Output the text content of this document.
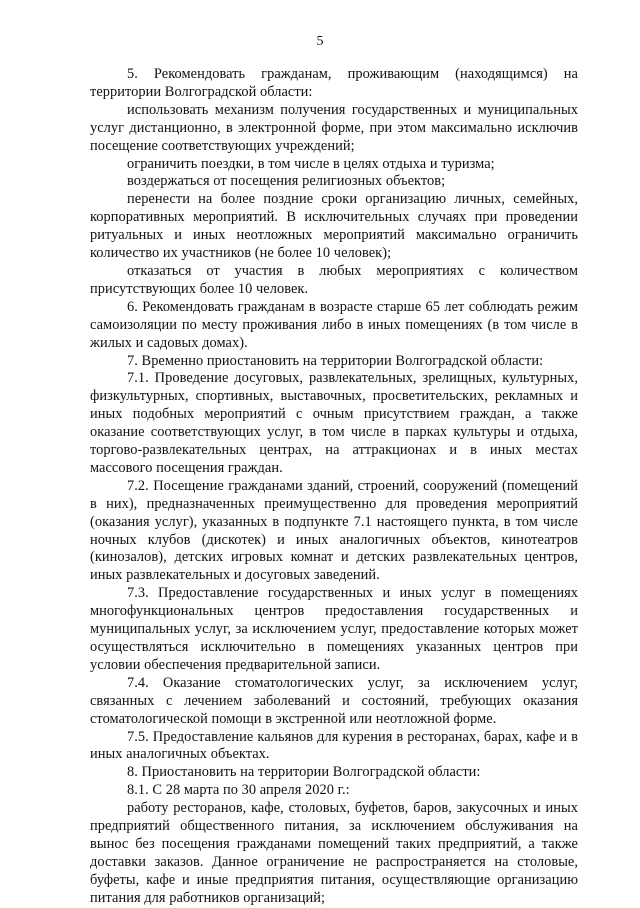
5

5. Рекомендовать гражданам, проживающим (находящимся) на территории Волгоградской области:

использовать механизм получения государственных и муниципальных услуг дистанционно, в электронной форме, при этом максимально исключив посещение соответствующих учреждений;

ограничить поездки, в том числе в целях отдыха и туризма;

воздержаться от посещения религиозных объектов;

перенести на более поздние сроки организацию личных, семейных, корпоративных мероприятий. В исключительных случаях при проведении ритуальных и иных неотложных мероприятий максимально ограничить количество их участников (не более 10 человек);

отказаться от участия в любых мероприятиях с количеством присутствующих более 10 человек.

6. Рекомендовать гражданам в возрасте старше 65 лет соблюдать режим самоизоляции по месту проживания либо в иных помещениях (в том числе в жилых и садовых домах).

7. Временно приостановить на территории Волгоградской области:

7.1. Проведение досуговых, развлекательных, зрелищных, культурных, физкультурных, спортивных, выставочных, просветительских, рекламных и иных подобных мероприятий с очным присутствием граждан, а также оказание соответствующих услуг, в том числе в парках культуры и отдыха, торгово-развлекательных центрах, на аттракционах и в иных местах массового посещения граждан.

7.2. Посещение гражданами зданий, строений, сооружений (помещений в них), предназначенных преимущественно для проведения мероприятий (оказания услуг), указанных в подпункте 7.1 настоящего пункта, в том числе ночных клубов (дискотек) и иных аналогичных объектов, кинотеатров (кинозалов), детских игровых комнат и детских развлекательных центров, иных развлекательных и досуговых заведений.

7.3. Предоставление государственных и иных услуг в помещениях многофункциональных центров предоставления государственных и муниципальных услуг, за исключением услуг, предоставление которых может осуществляться исключительно в помещениях указанных центров при условии обеспечения предварительной записи.

7.4. Оказание стоматологических услуг, за исключением услуг, связанных с лечением заболеваний и состояний, требующих оказания стоматологической помощи в экстренной или неотложной форме.

7.5. Предоставление кальянов для курения в ресторанах, барах, кафе и в иных аналогичных объектах.

8. Приостановить на территории Волгоградской области:

8.1. С 28 марта по 30 апреля 2020 г.:

работу ресторанов, кафе, столовых, буфетов, баров, закусочных и иных предприятий общественного питания, за исключением обслуживания на вынос без посещения гражданами помещений таких предприятий, а также доставки заказов. Данное ограничение не распространяется на столовые, буфеты, кафе и иные предприятия питания, осуществляющие организацию питания для работников организаций;
